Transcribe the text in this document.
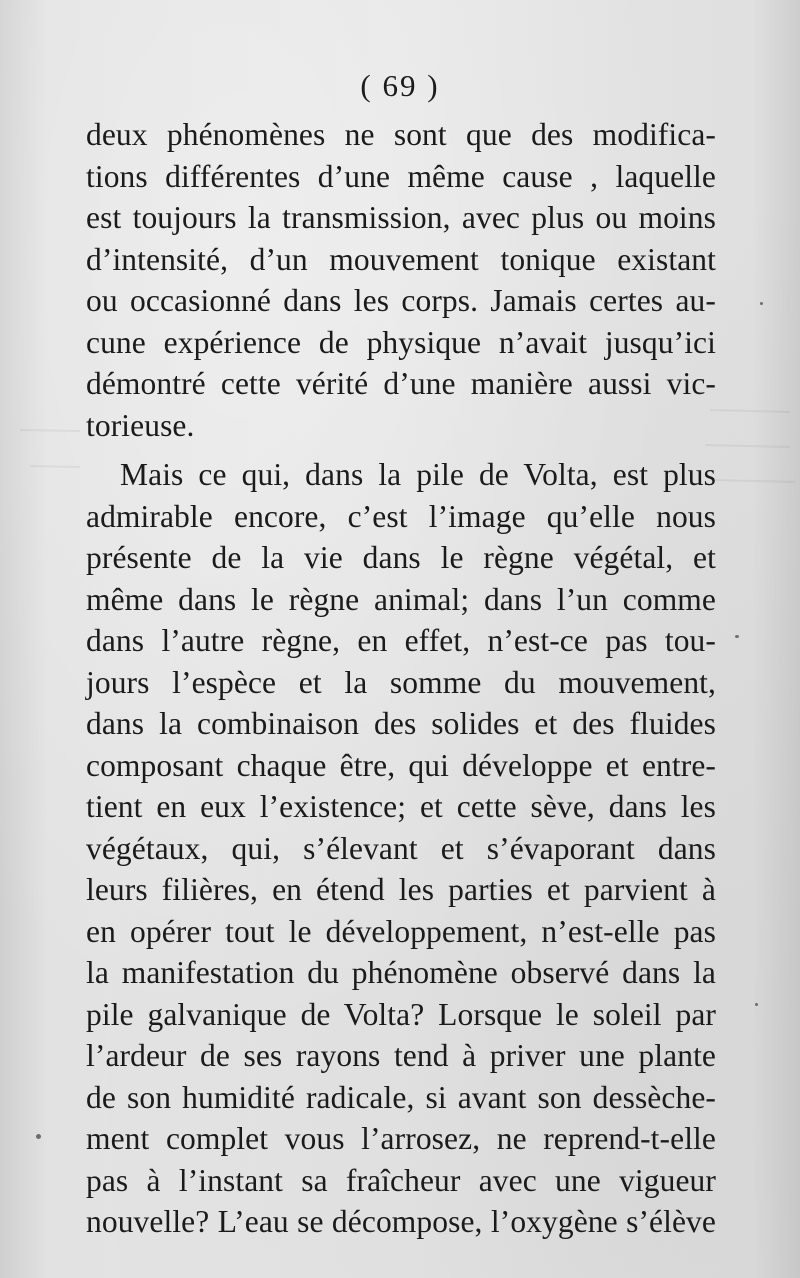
( 69 )
deux phénomènes ne sont que des modifica-
tions différentes d’une même cause , laquelle
est toujours la transmission, avec plus ou moins
d’intensité, d’un mouvement tonique existant
ou occasionné dans les corps. Jamais certes au-
cune expérience de physique n’avait jusqu’ici
démontré cette vérité d’une manière aussi vic-
torieuse.
Mais ce qui, dans la pile de Volta, est plus
admirable encore, c’est l’image qu’elle nous
présente de la vie dans le règne végétal, et
même dans le règne animal; dans l’un comme
dans l’autre règne, en effet, n’est-ce pas tou-
jours l’espèce et la somme du mouvement,
dans la combinaison des solides et des fluides
composant chaque être, qui développe et entre-
tient en eux l’existence; et cette sève, dans les
végétaux, qui, s’élevant et s’évaporant dans
leurs filières, en étend les parties et parvient à
en opérer tout le développement, n’est-elle pas
la manifestation du phénomène observé dans la
pile galvanique de Volta? Lorsque le soleil par
l’ardeur de ses rayons tend à priver une plante
de son humidité radicale, si avant son dessèche-
ment complet vous l’arrosez, ne reprend-t-elle
pas à l’instant sa fraîcheur avec une vigueur
nouvelle? L’eau se décompose, l’oxygène s’élève
